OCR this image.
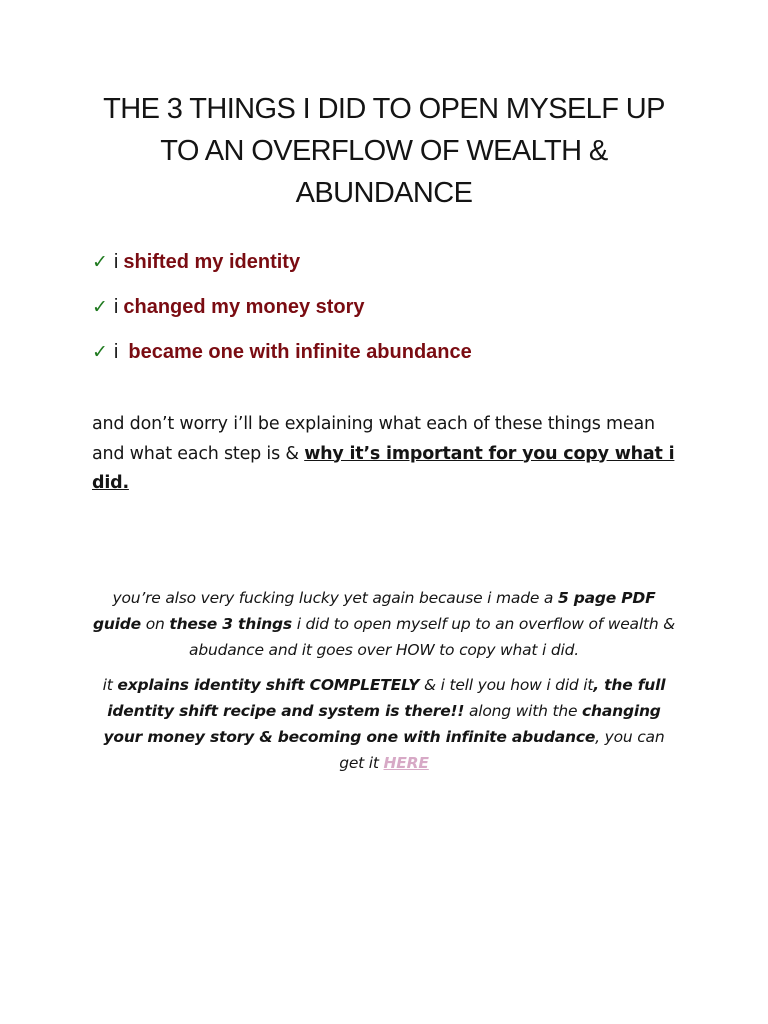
THE 3 THINGS I DID TO OPEN MYSELF UP TO AN OVERFLOW OF WEALTH & ABUNDANCE
✓ i shifted my identity
✓ i changed my money story
✓ i became one with infinite abundance

and don’t worry i’ll be explaining what each of these things mean and what each step is & why it’s important for you copy what i did.

you’re also very fucking lucky yet again because i made a 5 page PDF guide on these 3 things i did to open myself up to an overflow of wealth & abudance and it goes over HOW to copy what i did.

it explains identity shift COMPLETELY & i tell you how i did it, the full identity shift recipe and system is there!! along with the changing your money story & becoming one with infinite abudance, you can get it HERE
